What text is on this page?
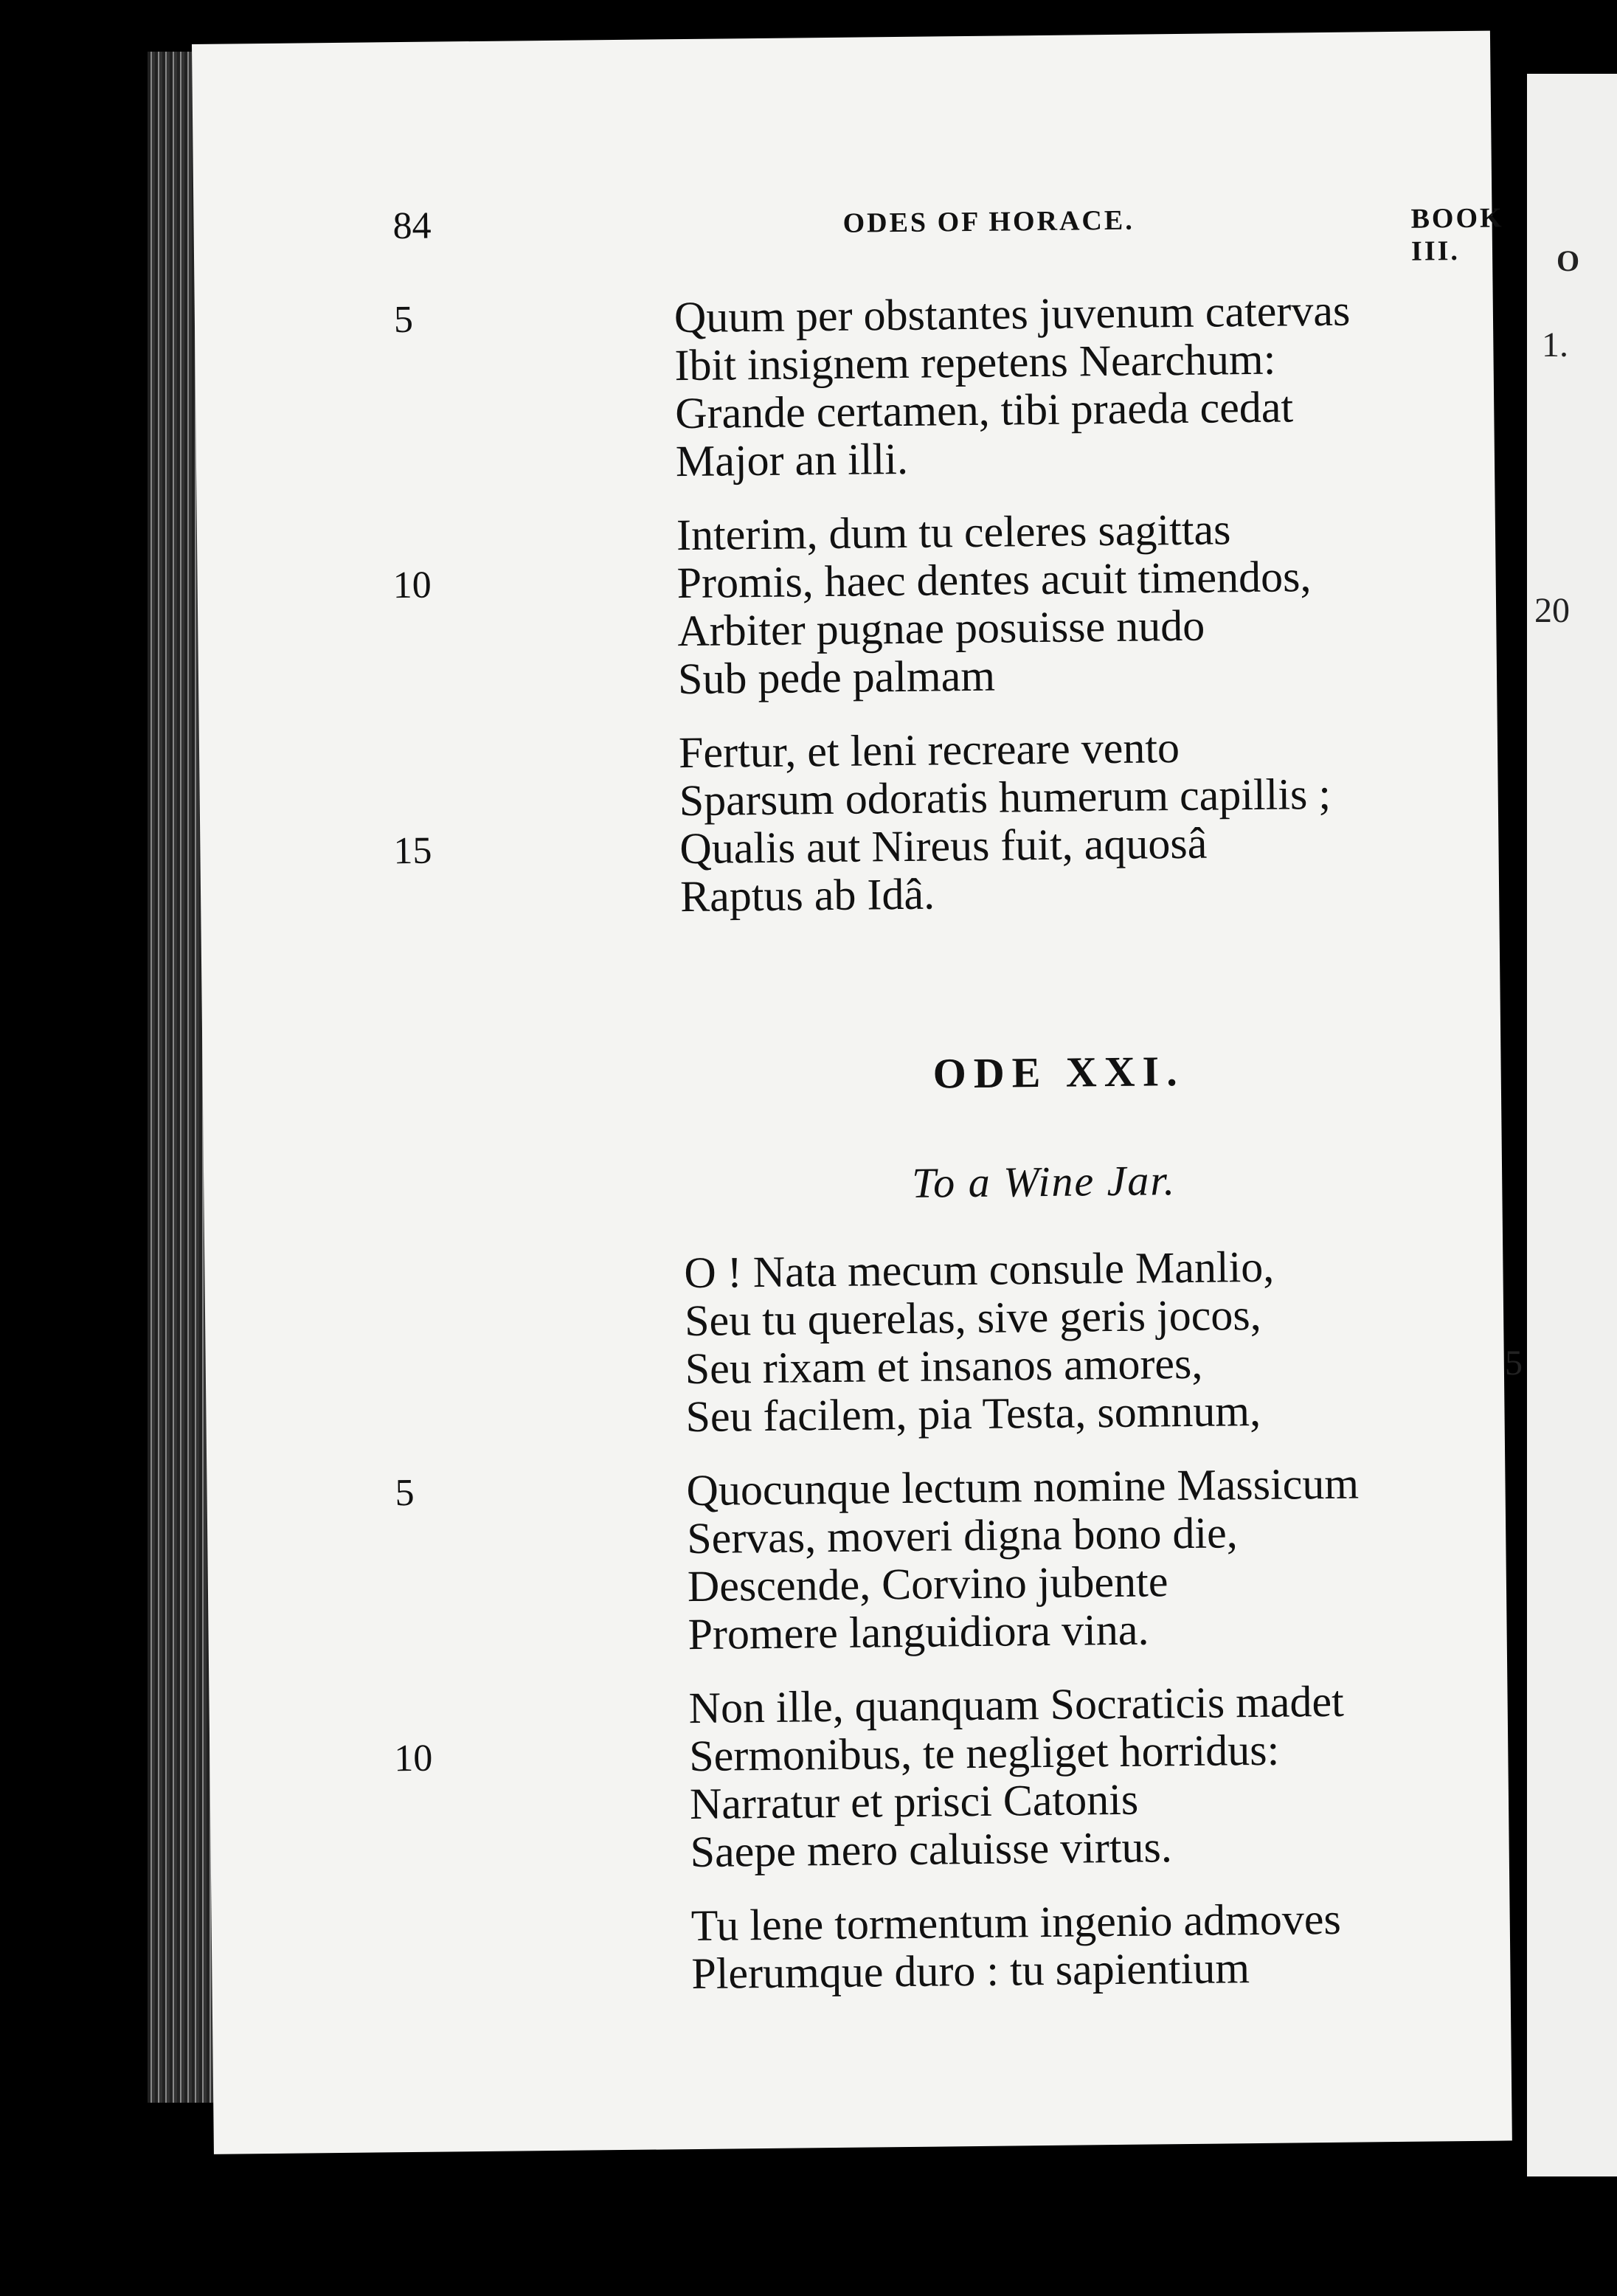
O
1.
20
5
84	ODES OF HORACE.	BOOK III.
5	Quum per obstantes juvenum catervas
Ibit insignem repetens Nearchum:
Grande certamen, tibi praeda cedat
Major an illi.
Interim, dum tu celeres sagittas
10	Promis, haec dentes acuit timendos,
Arbiter pugnae posuisse nudo
Sub pede palmam
Fertur, et leni recreare vento
Sparsum odoratis humerum capillis ;
15	Qualis aut Nireus fuit, aquosâ
Raptus ab Idâ.
ODE XXI.
To a Wine Jar.
O ! Nata mecum consule Manlio,
Seu tu querelas, sive geris jocos,
Seu rixam et insanos amores,
Seu facilem, pia Testa, somnum,
5	Quocunque lectum nomine Massicum
Servas, moveri digna bono die,
Descende, Corvino jubente
Promere languidiora vina.
Non ille, quanquam Socraticis madet
10	Sermonibus, te negliget horridus:
Narratur et prisci Catonis
Saepe mero caluisse virtus.
Tu lene tormentum ingenio admoves
Plerumque duro : tu sapientium
